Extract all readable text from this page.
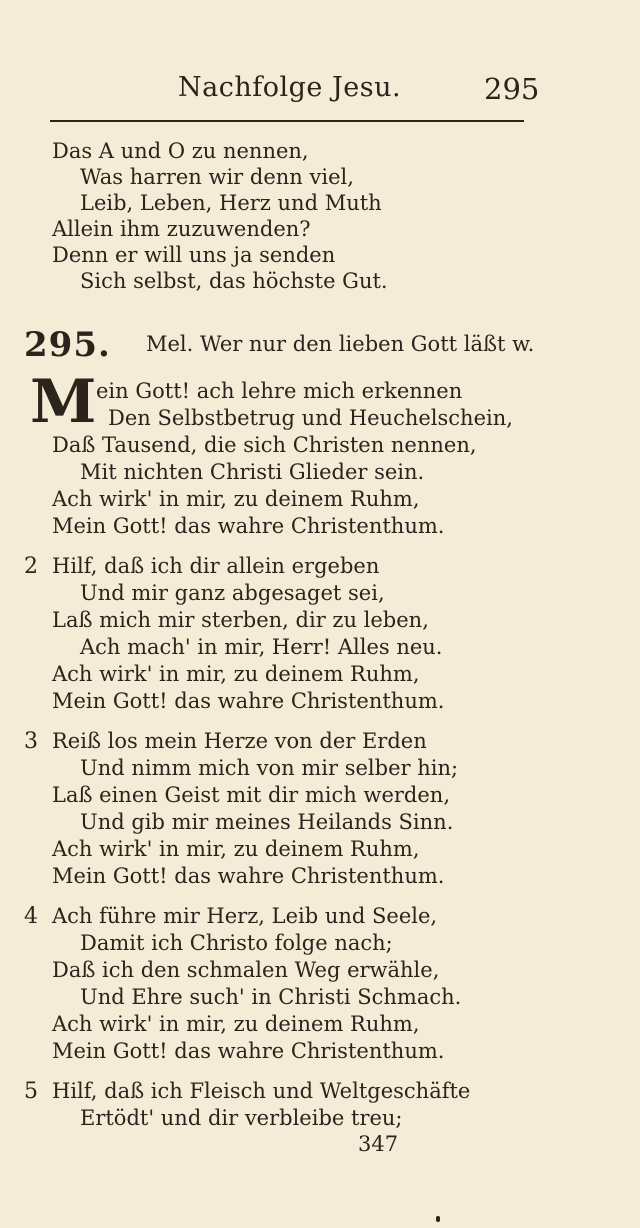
Nachfolge Jesu.	295
Das A und O zu nennen,
Was harren wir denn viel,
Leib, Leben, Herz und Muth
Allein ihm zuzuwenden?
Denn er will uns ja senden
Sich selbst, das höchste Gut.
295. Mel. Wer nur den lieben Gott läßt w.
M ein Gott! ach lehre mich erkennen
Den Selbstbetrug und Heuchelschein,
Daß Tausend, die sich Christen nennen,
Mit nichten Christi Glieder sein.
Ach wirk' in mir, zu deinem Ruhm,
Mein Gott! das wahre Christenthum.
2 Hilf, daß ich dir allein ergeben
Und mir ganz abgesaget sei,
Laß mich mir sterben, dir zu leben,
Ach mach' in mir, Herr! Alles neu.
Ach wirk' in mir, zu deinem Ruhm,
Mein Gott! das wahre Christenthum.
3 Reiß los mein Herze von der Erden
Und nimm mich von mir selber hin;
Laß einen Geist mit dir mich werden,
Und gib mir meines Heilands Sinn.
Ach wirk' in mir, zu deinem Ruhm,
Mein Gott! das wahre Christenthum.
4 Ach führe mir Herz, Leib und Seele,
Damit ich Christo folge nach;
Daß ich den schmalen Weg erwähle,
Und Ehre such' in Christi Schmach.
Ach wirk' in mir, zu deinem Ruhm,
Mein Gott! das wahre Christenthum.
5 Hilf, daß ich Fleisch und Weltgeschäfte
Ertödt' und dir verbleibe treu;
347
